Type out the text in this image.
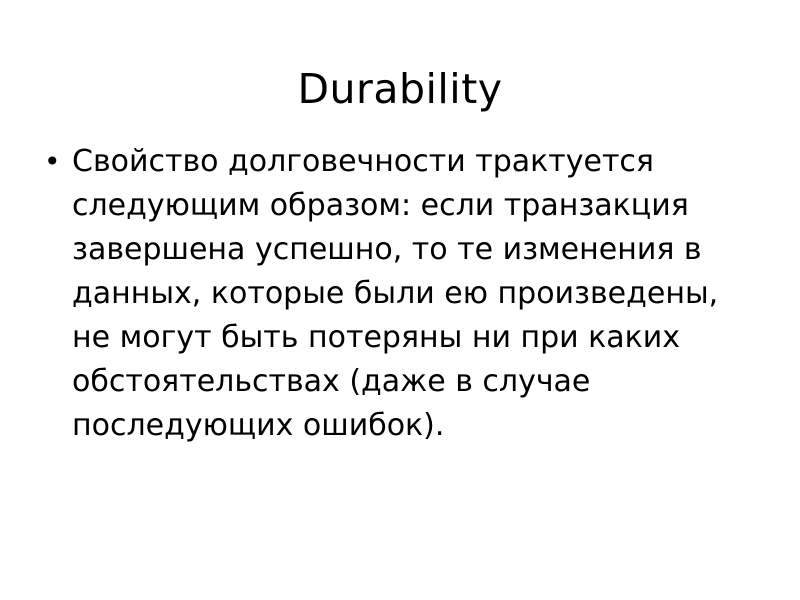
Durability
• Свойство долговечности трактуется следующим образом: если транзакция завершена успешно, то те изменения в данных, которые были ею произведены, не могут быть потеряны ни при каких обстоятельствах (даже в случае последующих ошибок).
